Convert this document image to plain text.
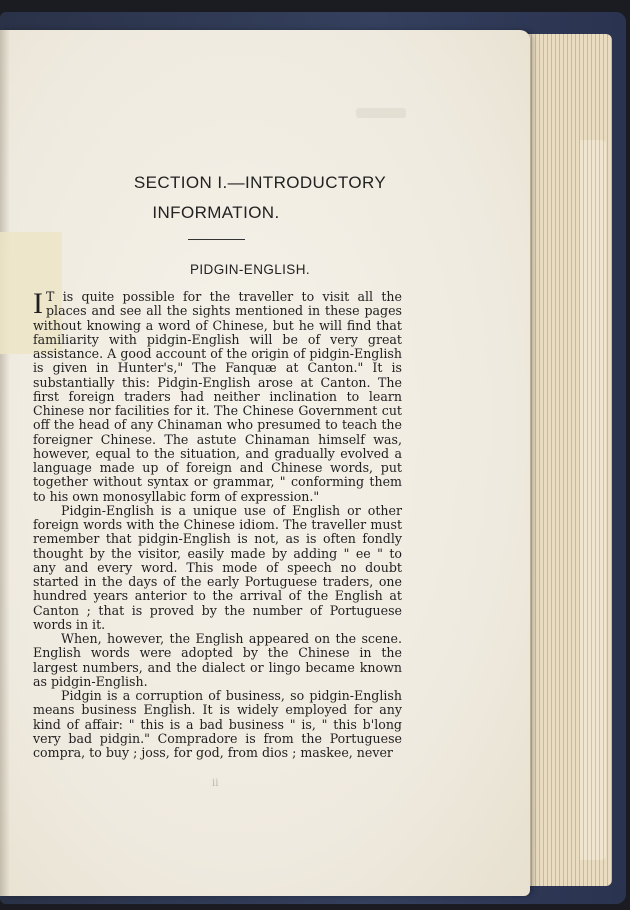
SECTION I.—INTRODUCTORY
INFORMATION.
PIDGIN-ENGLISH.

I T is quite possible for the traveller to visit all the places and see all the sights mentioned in these pages without knowing a word of Chinese, but he will find that familiarity with pidgin-English will be of very great assistance. A good account of the origin of pidgin-English is given in Hunter's," The Fanquæ at Canton." It is substantially this: Pidgin-English arose at Canton. The first foreign traders had neither inclination to learn Chinese nor facilities for it. The Chinese Government cut off the head of any Chinaman who presumed to teach the foreigner Chinese. The astute Chinaman himself was, however, equal to the situation, and gradually evolved a language made up of foreign and Chinese words, put together without syntax or grammar, " conforming them to his own monosyllabic form of expression."

Pidgin-English is a unique use of English or other foreign words with the Chinese idiom. The traveller must remember that pidgin-English is not, as is often fondly thought by the visitor, easily made by adding " ee " to any and every word. This mode of speech no doubt started in the days of the early Portuguese traders, one hundred years anterior to the arrival of the English at Canton ; that is proved by the number of Portuguese words in it.

When, however, the English appeared on the scene. English words were adopted by the Chinese in the largest numbers, and the dialect or lingo became known as pidgin-English.

Pidgin is a corruption of business, so pidgin-English means business English. It is widely employed for any kind of affair: " this is a bad business " is, " this b'long very bad pidgin." Compradore is from the Portuguese compra, to buy ; joss, for god, from dios ; maskee, never

ii
